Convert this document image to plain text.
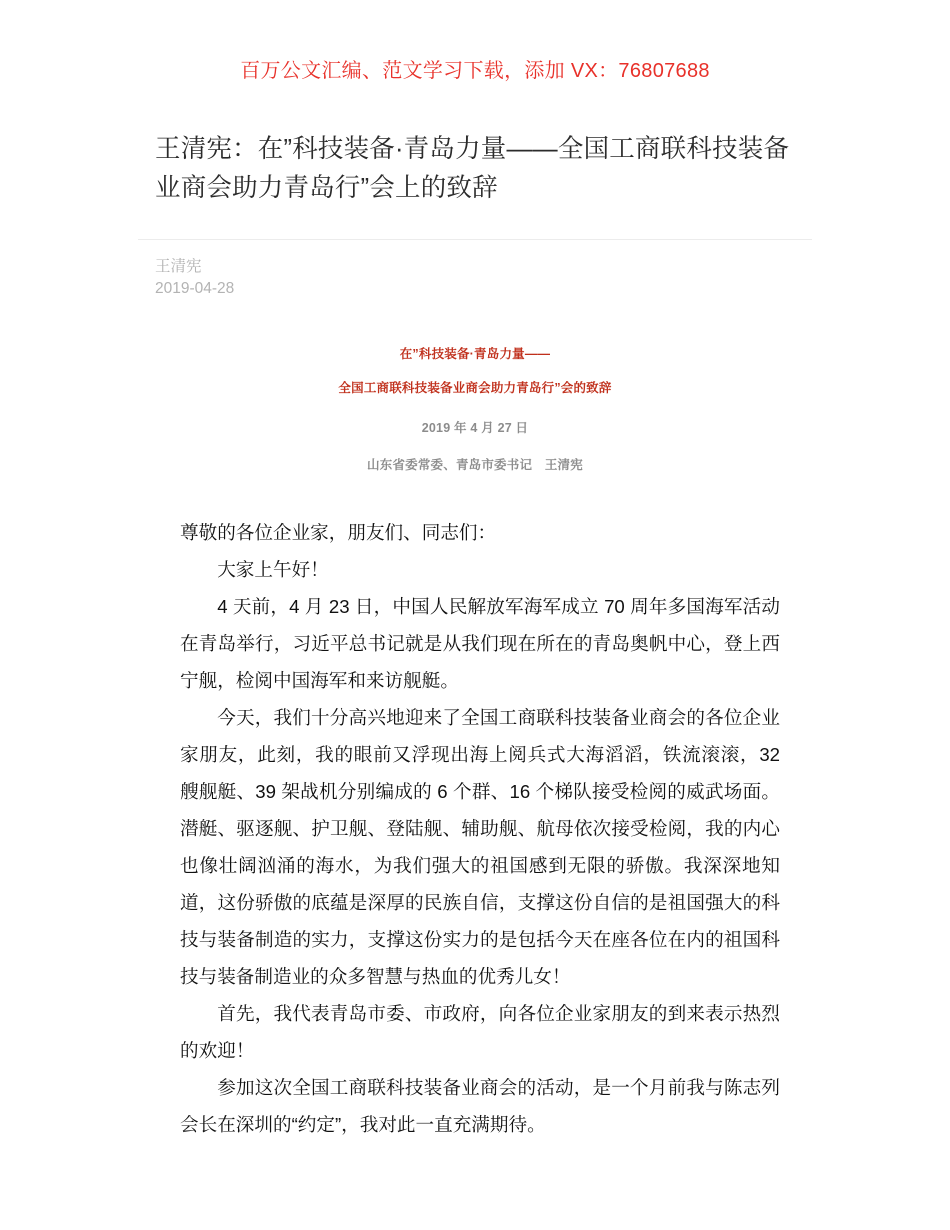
百万公文汇编、范文学习下载，添加 VX：76807688
王清宪：在”科技装备·青岛力量——全国工商联科技装备业商会助力青岛行”会上的致辞
王清宪
2019-04-28
在”科技装备·青岛力量——
全国工商联科技装备业商会助力青岛行”会的致辞
2019 年 4 月 27 日
山东省委常委、青岛市委书记　王清宪

尊敬的各位企业家，朋友们、同志们：

大家上午好！

4 天前，4 月 23 日，中国人民解放军海军成立 70 周年多国海军活动在青岛举行，习近平总书记就是从我们现在所在的青岛奥帆中心，登上西宁舰，检阅中国海军和来访舰艇。

今天，我们十分高兴地迎来了全国工商联科技装备业商会的各位企业家朋友，此刻，我的眼前又浮现出海上阅兵式大海滔滔，铁流滚滚，32 艘舰艇、39 架战机分别编成的 6 个群、16 个梯队接受检阅的威武场面。潜艇、驱逐舰、护卫舰、登陆舰、辅助舰、航母依次接受检阅，我的内心也像壮阔汹涌的海水，为我们强大的祖国感到无限的骄傲。我深深地知道，这份骄傲的底蕴是深厚的民族自信，支撑这份自信的是祖国强大的科技与装备制造的实力，支撑这份实力的是包括今天在座各位在内的祖国科技与装备制造业的众多智慧与热血的优秀儿女！

首先，我代表青岛市委、市政府，向各位企业家朋友的到来表示热烈的欢迎！

参加这次全国工商联科技装备业商会的活动，是一个月前我与陈志列会长在深圳的“约定”，我对此一直充满期待。
